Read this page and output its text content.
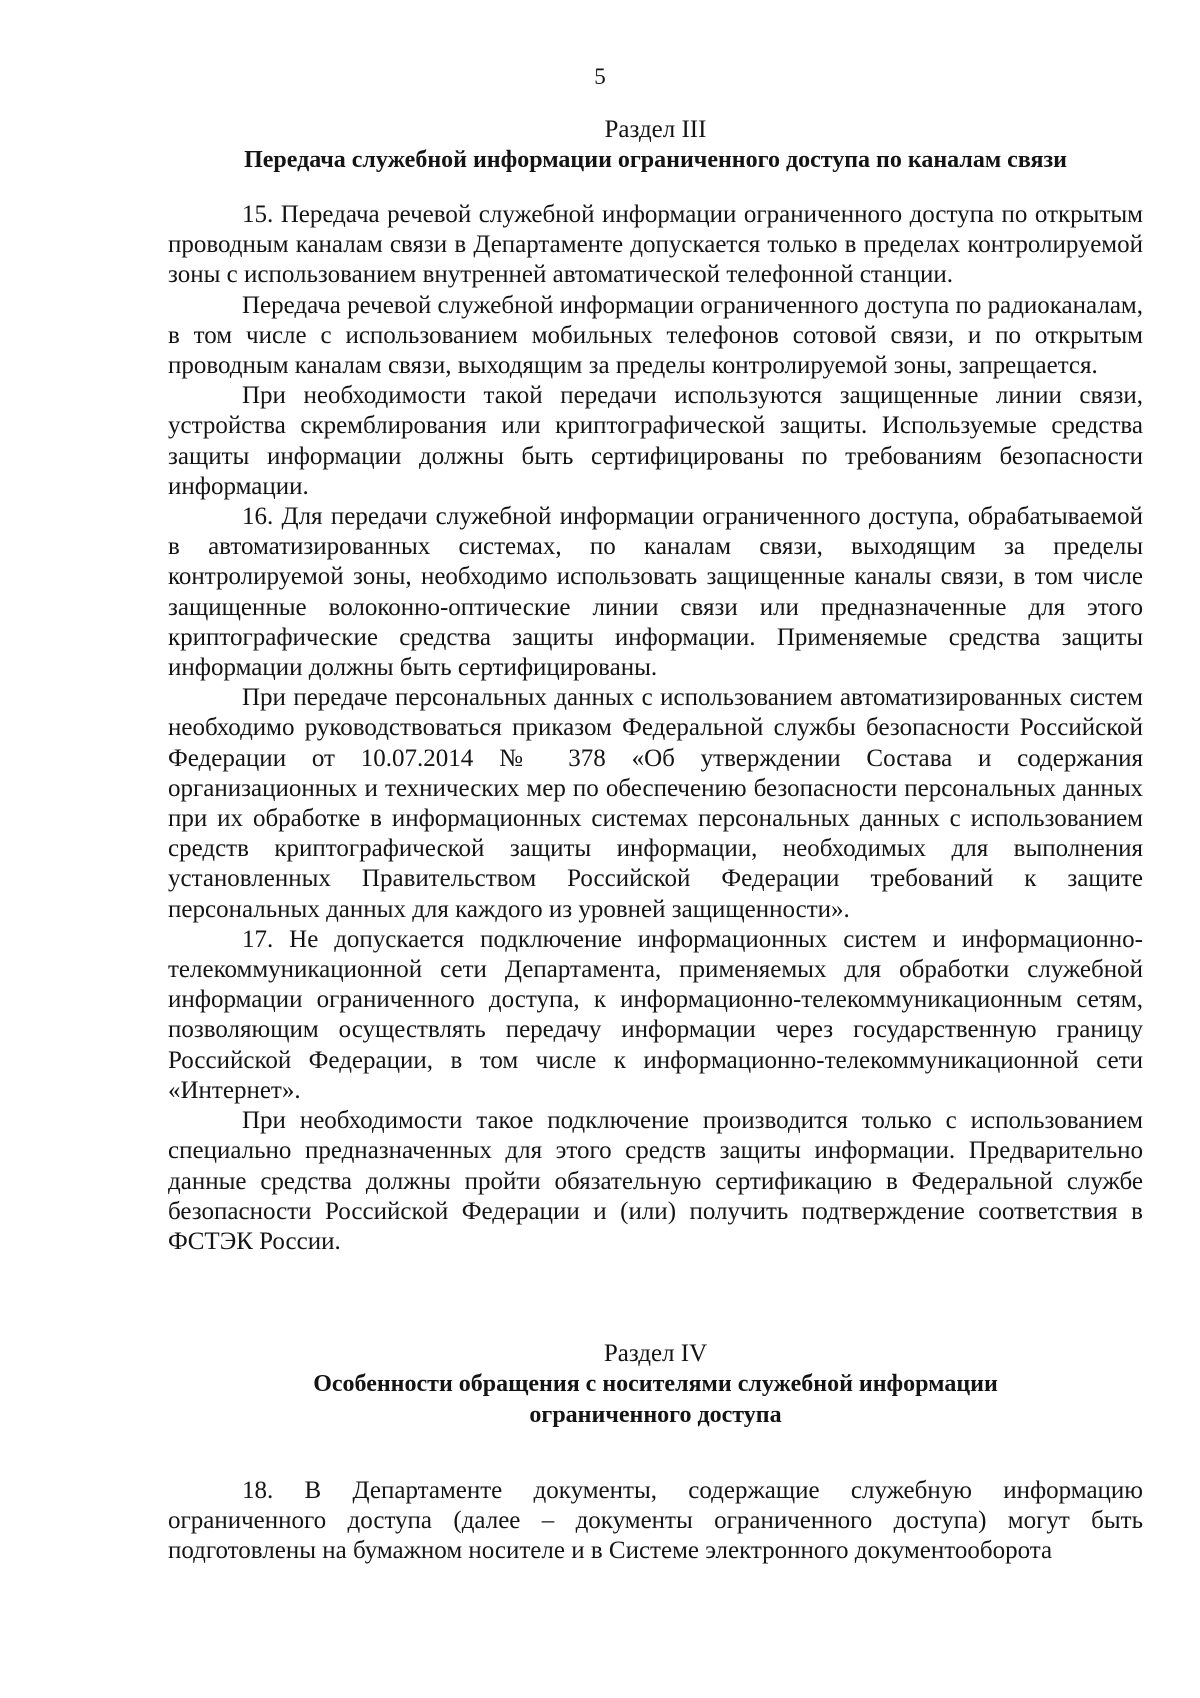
5

Раздел III

Передача служебной информации ограниченного доступа по каналам связи

15. Передача речевой служебной информации ограниченного доступа по открытым проводным каналам связи в Департаменте допускается только в пределах контролируемой зоны с использованием внутренней автоматической телефонной станции.

Передача речевой служебной информации ограниченного доступа по радиоканалам, в том числе с использованием мобильных телефонов сотовой связи, и по открытым проводным каналам связи, выходящим за пределы контролируемой зоны, запрещается.

При необходимости такой передачи используются защищенные линии связи, устройства скремблирования или криптографической защиты. Используемые средства защиты информации должны быть сертифицированы по требованиям безопасности информации.

16. Для передачи служебной информации ограниченного доступа, обрабатываемой в автоматизированных системах, по каналам связи, выходящим за пределы контролируемой зоны, необходимо использовать защищенные каналы связи, в том числе защищенные волоконно-оптические линии связи или предназначенные для этого криптографические средства защиты информации. Применяемые средства защиты информации должны быть сертифицированы.

При передаче персональных данных с использованием автоматизированных систем необходимо руководствоваться приказом Федеральной службы безопасности Российской Федерации от 10.07.2014 № 378 «Об утверждении Состава и содержания организационных и технических мер по обеспечению безопасности персональных данных при их обработке в информационных системах персональных данных с использованием средств криптографической защиты информации, необходимых для выполнения установленных Правительством Российской Федерации требований к защите персональных данных для каждого из уровней защищенности».

17. Не допускается подключение информационных систем и информационно-телекоммуникационной сети Департамента, применяемых для обработки служебной информации ограниченного доступа, к информационно-телекоммуникационным сетям, позволяющим осуществлять передачу информации через государственную границу Российской Федерации, в том числе к информационно-телекоммуникационной сети «Интернет».

При необходимости такое подключение производится только с использованием специально предназначенных для этого средств защиты информации. Предварительно данные средства должны пройти обязательную сертификацию в Федеральной службе безопасности Российской Федерации и (или) получить подтверждение соответствия в ФСТЭК России.

Раздел IV

Особенности обращения с носителями служебной информации

ограниченного доступа

18. В Департаменте документы, содержащие служебную информацию ограниченного доступа (далее – документы ограниченного доступа) могут быть подготовлены на бумажном носителе и в Системе электронного документооборота
